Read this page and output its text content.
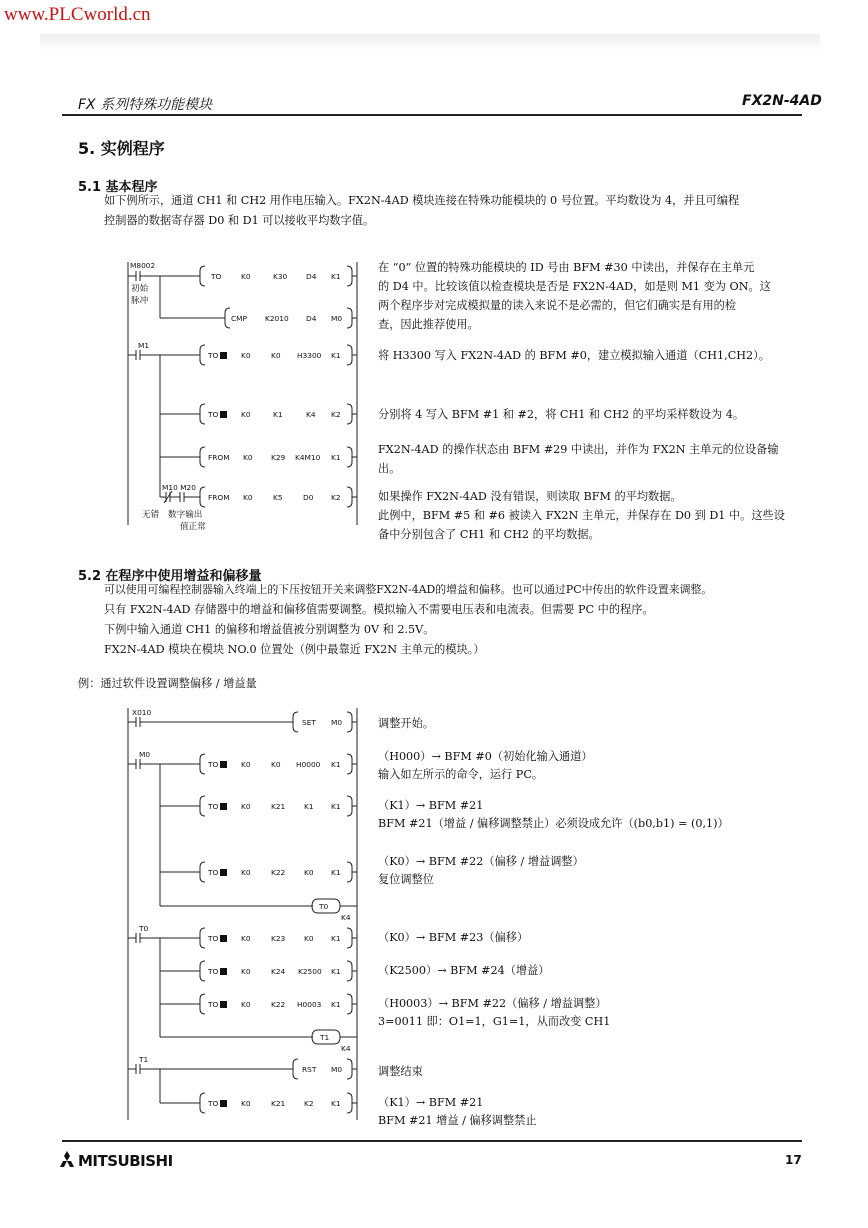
www.PLCworld.cn
FX 系列特殊功能模块	FX2N-4AD
5. 实例程序
5.1 基本程序
如下例所示，通道 CH1 和 CH2 用作电压输入。FX2N-4AD 模块连接在特殊功能模块的 0 号位置。平均数设为 4，并且可编程
控制器的数据寄存器 D0 和 D1 可以接收平均数字值。
M8002
初始
脉冲
TO	K0	K30	D4 K1
CMP K2010 D4 M0
M1
TO	K0	K0 H3300 K1
TO	K0	K1	K4 K2
FROM K0 K29 K4M10 K1
M10 M20
FROM K0	K5	D0 K2
无错 数字输出
值正常
在 “0” 位置的特殊功能模块的 ID 号由 BFM #30 中读出，并保存在主单元
的 D4 中。比较该值以检查模块是否是 FX2N-4AD，如是则 M1 变为 ON。这
两个程序步对完成模拟量的读入来说不是必需的，但它们确实是有用的检
查，因此推荐使用。
将 H3300 写入 FX2N-4AD 的 BFM #0，建立模拟输入通道（CH1,CH2）。
分别将 4 写入 BFM #1 和 #2，将 CH1 和 CH2 的平均采样数设为 4。
FX2N-4AD 的操作状态由 BFM #29 中读出，并作为 FX2N 主单元的位设备输
出。
如果操作 FX2N-4AD 没有错误，则读取 BFM 的平均数据。
此例中，BFM #5 和 #6 被读入 FX2N 主单元，并保存在 D0 到 D1 中。这些设
备中分别包含了 CH1 和 CH2 的平均数据。
5.2 在程序中使用增益和偏移量
可以使用可编程控制器输入终端上的下压按钮开关来调整FX2N-4AD的增益和偏移。也可以通过PC中传出的软件设置来调整。
只有 FX2N-4AD 存储器中的增益和偏移值需要调整。模拟输入不需要电压表和电流表。但需要 PC 中的程序。
下例中输入通道 CH1 的偏移和增益值被分别调整为 0V 和 2.5V。
FX2N-4AD 模块在模块 NO.0 位置处（例中最靠近 FX2N 主单元的模块。）
例：通过软件设置调整偏移 / 增益量
X010
SET M0
M0
TO	K0	K0 H0000 K1
TO	K0	K21	K1 K1
TO	K0	K22	K0 K1
T0
K4
T0
TO	K0	K23	K0 K1
TO	K0	K24 K2500 K1
TO	K0	K22 H0003 K1
T1
K4
T1
RST M0
TO	K0	K21	K2 K1
调整开始。
（H000）→ BFM #0（初始化输入通道）
输入如左所示的命令，运行 PC。
（K1）→ BFM #21
BFM #21（增益 / 偏移调整禁止）必须设成允许（(b0,b1) = (0,1)）
（K0）→ BFM #22（偏移 / 增益调整）
复位调整位
（K0）→ BFM #23（偏移）
（K2500）→ BFM #24（增益）
（H0003）→ BFM #22（偏移 / 增益调整）
3=0011 即：O1=1，G1=1，从而改变 CH1
调整结束
（K1）→ BFM #21
BFM #21 增益 / 偏移调整禁止
MITSUBISHI	17
